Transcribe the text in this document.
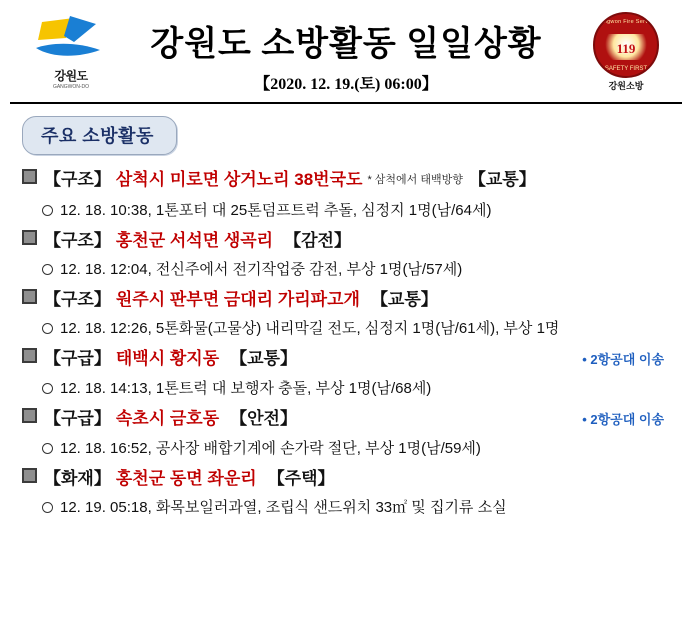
강원도
GANGWON-DO
강원도 소방활동 일일상황
【2020. 12. 19.(토) 06:00】
Gangwon Fire Service
119
SAFETY FIRST
강원소방
주요 소방활동
【구조】 삼척시 미로면 상거노리 38번국도 * 삼척에서 태백방향 【교통】
12. 18. 10:38, 1톤포터 대 25톤덤프트럭 추돌, 심정지 1명(남/64세)
【구조】 홍천군 서석면 생곡리 【감전】
12. 18. 12:04, 전신주에서 전기작업중 감전, 부상 1명(남/57세)
【구조】 원주시 판부면 금대리 가리파고개 【교통】
12. 18. 12:26, 5톤화물(고물상) 내리막길 전도, 심정지 1명(남/61세), 부상 1명
【구급】 태백시 황지동 【교통】	• 2항공대 이송
12. 18. 14:13, 1톤트럭 대 보행자 충돌, 부상 1명(남/68세)
【구급】 속초시 금호동 【안전】	• 2항공대 이송
12. 18. 16:52, 공사장 배합기계에 손가락 절단, 부상 1명(남/59세)
【화재】 홍천군 동면 좌운리 【주택】
12. 19. 05:18, 화목보일러과열, 조립식 샌드위치 33㎡ 및 집기류 소실
